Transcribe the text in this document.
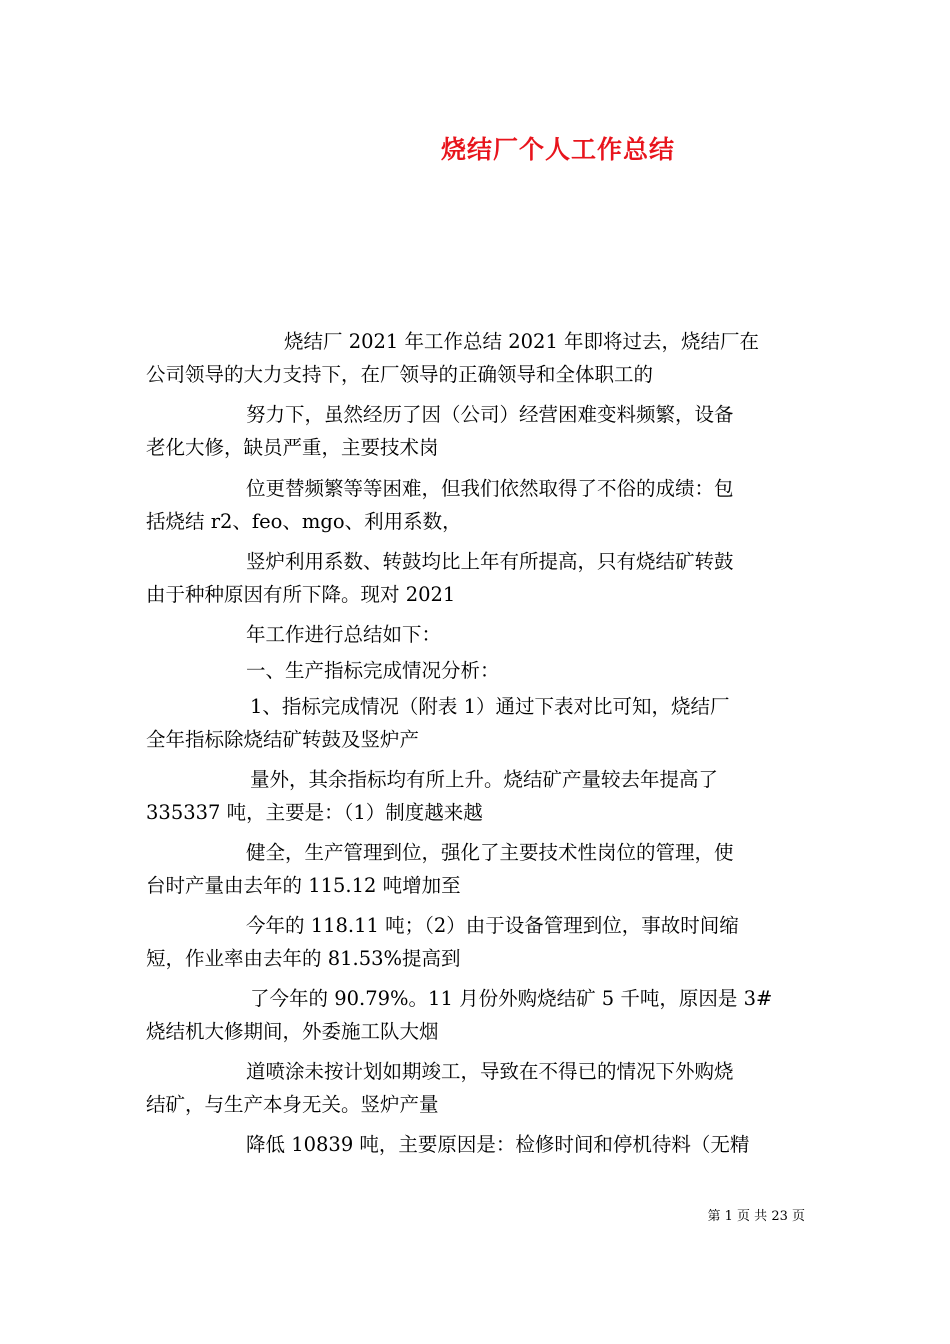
烧结厂个人工作总结

烧结厂 2021 年工作总结 2021 年即将过去，烧结厂在
公司领导的大力支持下，在厂领导的正确领导和全体职工的

努力下，虽然经历了因（公司）经营困难变料频繁，设备
老化大修，缺员严重，主要技术岗

位更替频繁等等困难，但我们依然取得了不俗的成绩：包
括烧结 r2、feo、mgo、利用系数，

竖炉利用系数、转鼓均比上年有所提高，只有烧结矿转鼓
由于种种原因有所下降。现对 2021

年工作进行总结如下：

一、生产指标完成情况分析：

1、指标完成情况（附表 1）通过下表对比可知，烧结厂
全年指标除烧结矿转鼓及竖炉产

量外，其余指标均有所上升。烧结矿产量较去年提高了
335337 吨，主要是：（1）制度越来越

健全，生产管理到位，强化了主要技术性岗位的管理，使
台时产量由去年的 115.12 吨增加至

今年的 118.11 吨；（2）由于设备管理到位，事故时间缩
短，作业率由去年的 81.53%提高到

了今年的 90.79%。11 月份外购烧结矿 5 千吨，原因是 3#
烧结机大修期间，外委施工队大烟

道喷涂未按计划如期竣工，导致在不得已的情况下外购烧
结矿，与生产本身无关。竖炉产量

降低 10839 吨，主要原因是：检修时间和停机待料（无精

第 1 页 共 23 页
